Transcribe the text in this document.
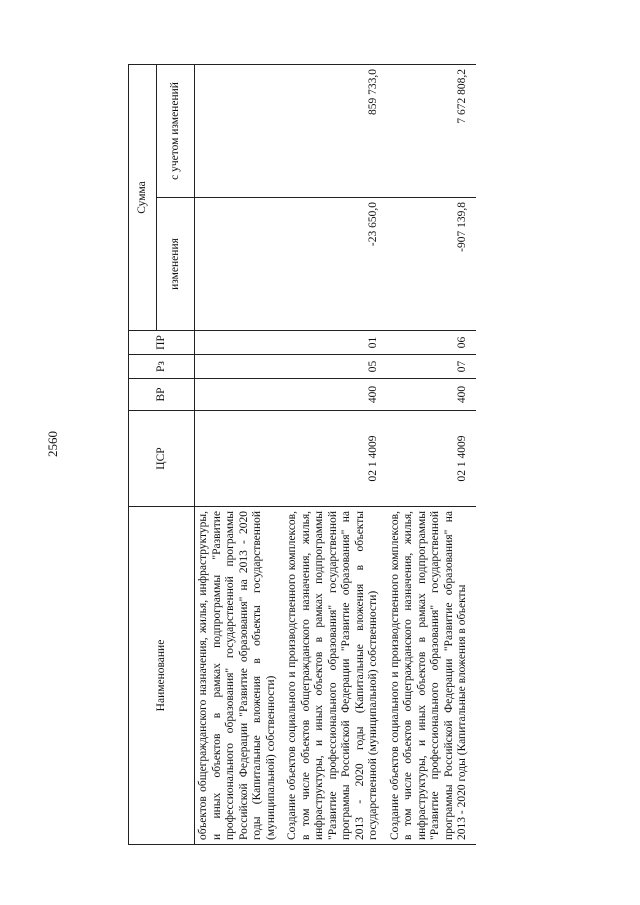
2560
Наименование	ЦСР	ВР	Рз	ПР	Сумма	
					изменения	с учетом изменений
объектов общегражданского назначения, жилья, инфраструктуры, и иных объектов в рамках подпрограммы "Развитие профессионального образования" государственной программы Российской Федерации "Развитие образования" на 2013 - 2020 годы (Капитальные вложения в объекты государственной (муниципальной) собственности)						
Создание объектов социального и производственного комплексов, в том числе объектов общегражданского назначения, жилья, инфраструктуры, и иных объектов в рамках подпрограммы "Развитие профессионального образования" государственной программы Российской Федерации "Развитие образования" на 2013 - 2020 годы (Капитальные вложения в объекты государственной (муниципальной) собственности)	02 1 4009	400	05	01	-23 650,0	859 733,0
Создание объектов социального и производственного комплексов, в том числе объектов общегражданского назначения, жилья, инфраструктуры, и иных объектов в рамках подпрограммы "Развитие профессионального образования" государственной программы Российской Федерации "Развитие образования" на 2013 - 2020 годы (Капитальные вложения в объекты	02 1 4009	400	07	06	-907 139,8	7 672 808,2
